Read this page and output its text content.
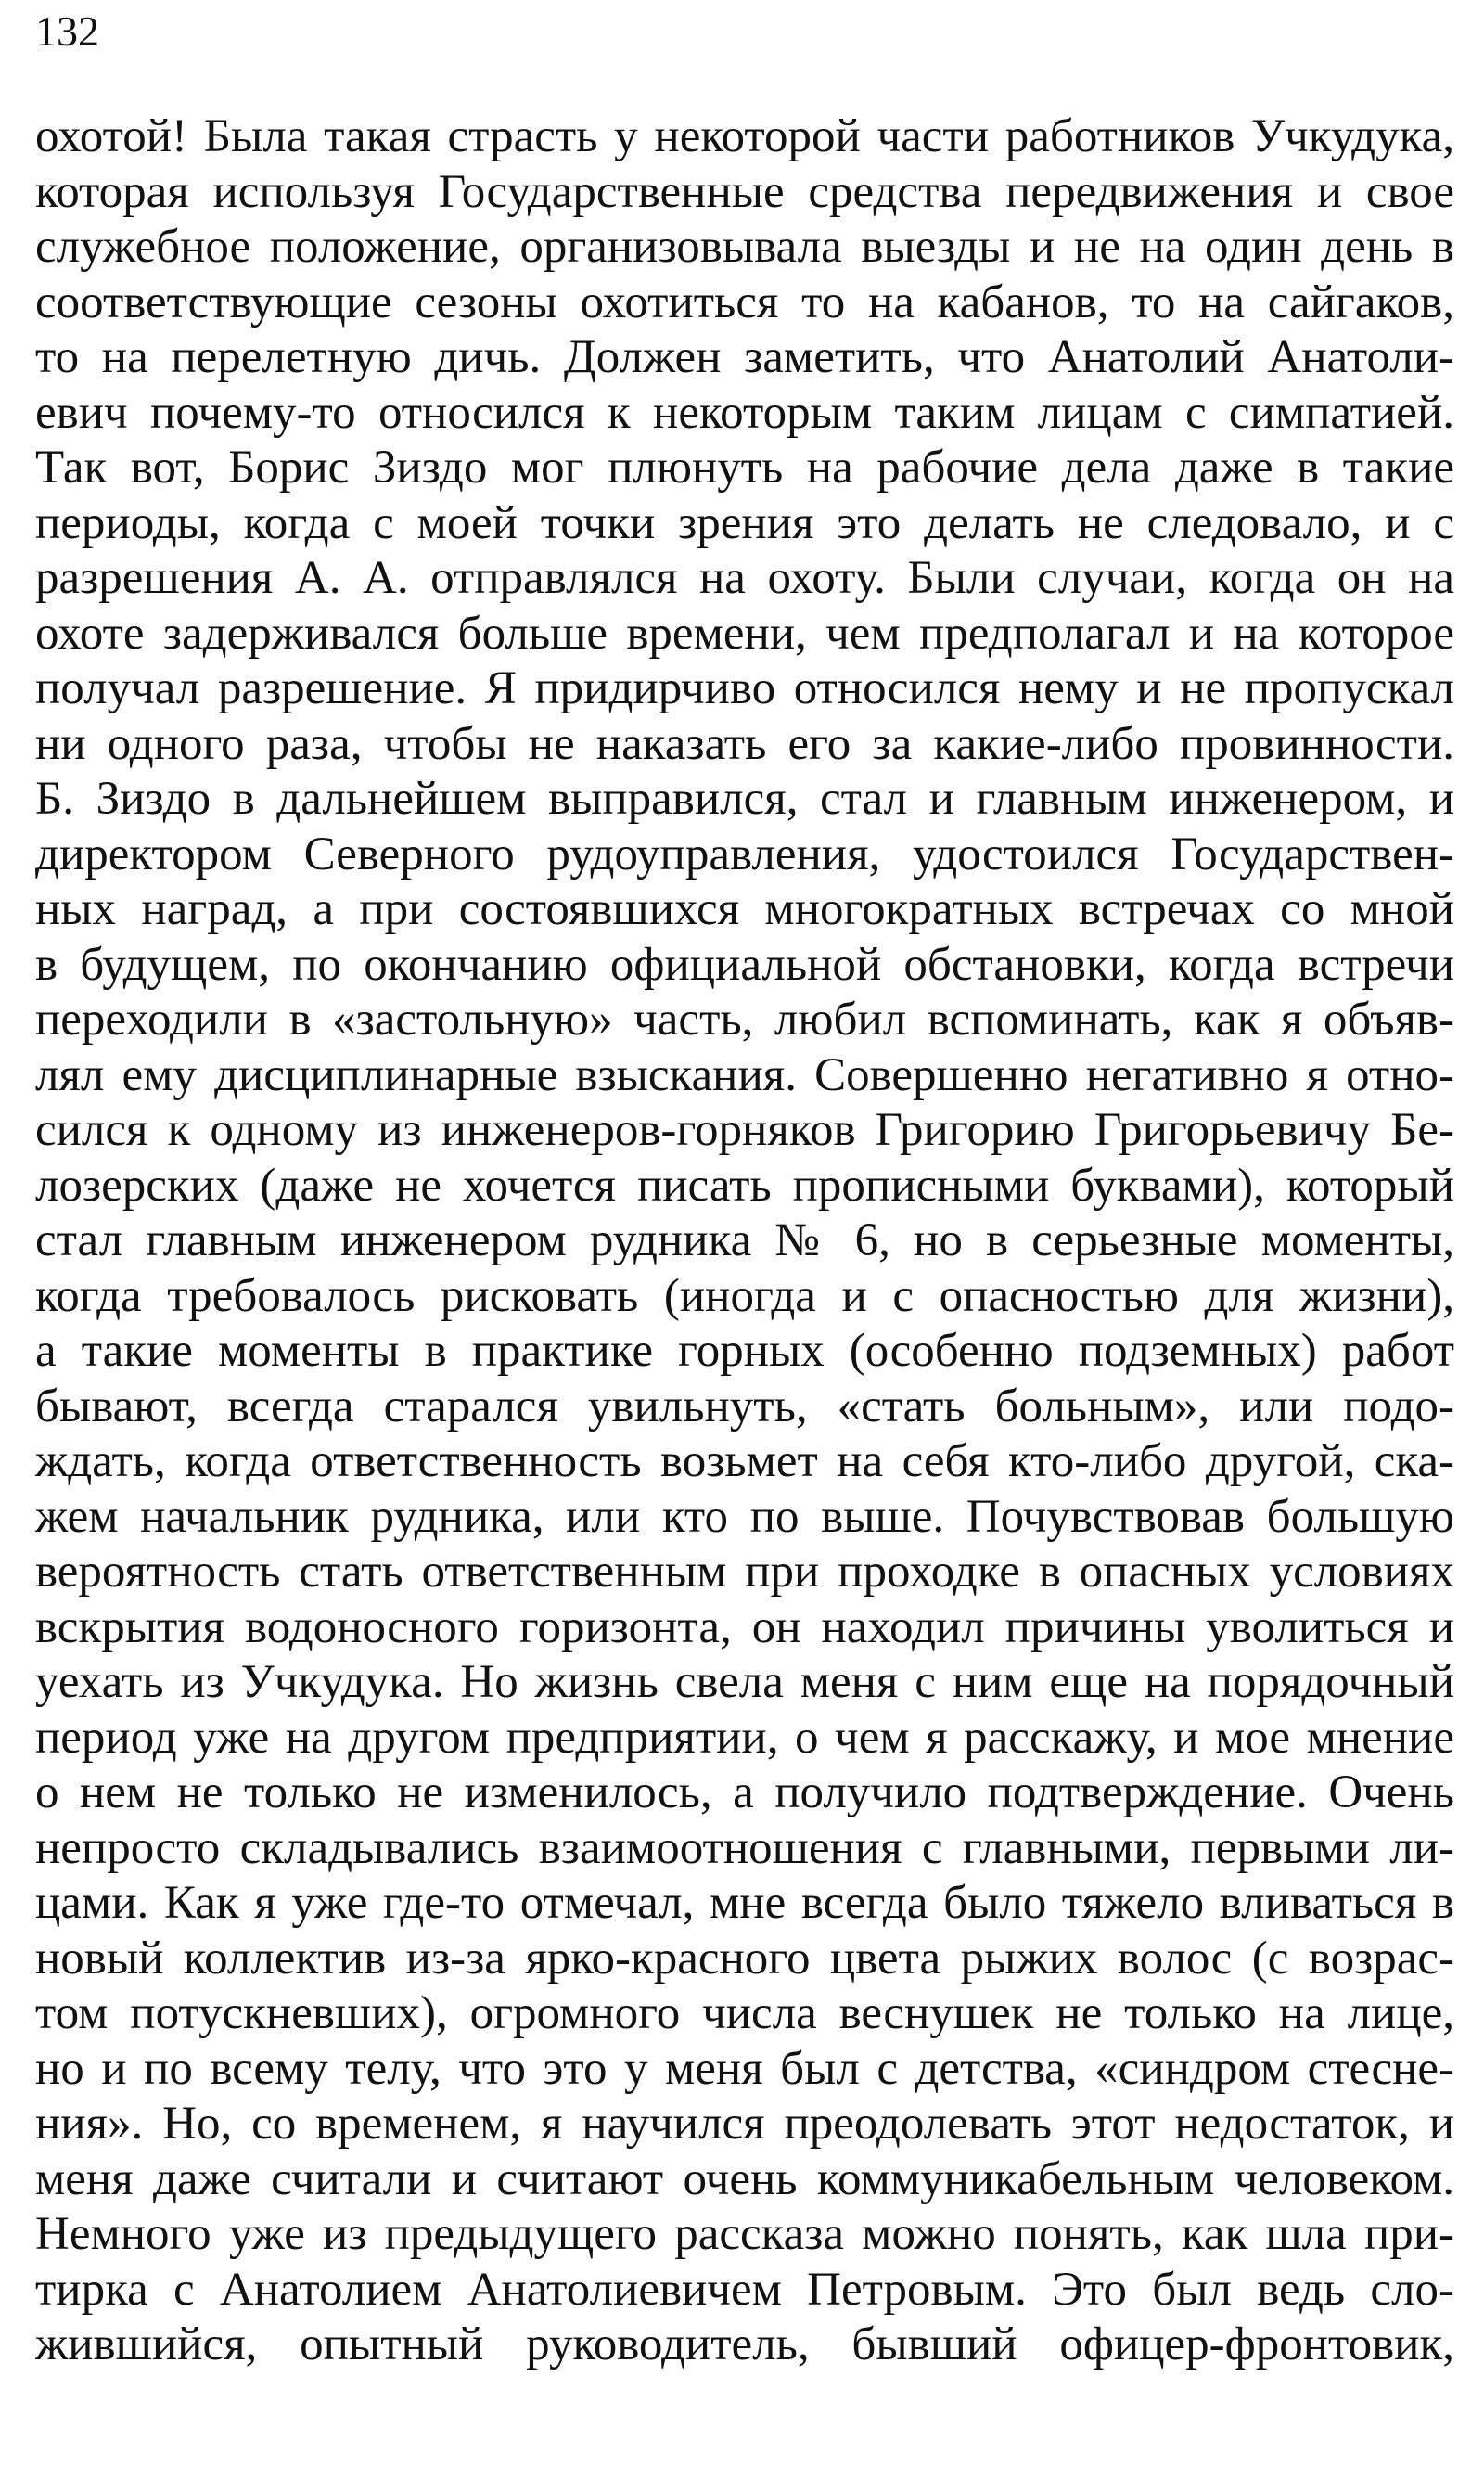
132
охотой! Была такая страсть у некоторой части работников Учкудука,
которая используя Государственные средства передвижения и свое
служебное положение, организовывала выезды и не на один день в
соответствующие сезоны охотиться то на кабанов, то на сайгаков,
то на перелетную дичь. Должен заметить, что Анатолий Анатоли-
евич почему-то относился к некоторым таким лицам с симпатией.
Так вот, Борис Зиздо мог плюнуть на рабочие дела даже в такие
периоды, когда с моей точки зрения это делать не следовало, и с
разрешения А. А. отправлялся на охоту. Были случаи, когда он на
охоте задерживался больше времени, чем предполагал и на которое
получал разрешение. Я придирчиво относился нему и не пропускал
ни одного раза, чтобы не наказать его за какие-либо провинности.
Б. Зиздо в дальнейшем выправился, стал и главным инженером, и
директором Северного рудоуправления, удостоился Государствен-
ных наград, а при состоявшихся многократных встречах со мной
в будущем, по окончанию официальной обстановки, когда встречи
переходили в «застольную» часть, любил вспоминать, как я объяв-
лял ему дисциплинарные взыскания. Совершенно негативно я отно-
сился к одному из инженеров-горняков Григорию Григорьевичу Бе-
лозерских (даже не хочется писать прописными буквами), который
стал главным инженером рудника № 6, но в серьезные моменты,
когда требовалось рисковать (иногда и с опасностью для жизни),
а такие моменты в практике горных (особенно подземных) работ
бывают, всегда старался увильнуть, «стать больным», или подо-
ждать, когда ответственность возьмет на себя кто-либо другой, ска-
жем начальник рудника, или кто по выше. Почувствовав большую
вероятность стать ответственным при проходке в опасных условиях
вскрытия водоносного горизонта, он находил причины уволиться и
уехать из Учкудука. Но жизнь свела меня с ним еще на порядочный
период уже на другом предприятии, о чем я расскажу, и мое мнение
о нем не только не изменилось, а получило подтверждение. Очень
непросто складывались взаимоотношения с главными, первыми ли-
цами. Как я уже где-то отмечал, мне всегда было тяжело вливаться в
новый коллектив из-за ярко-красного цвета рыжих волос (с возрас-
том потускневших), огромного числа веснушек не только на лице,
но и по всему телу, что это у меня был с детства, «синдром стесне-
ния». Но, со временем, я научился преодолевать этот недостаток, и
меня даже считали и считают очень коммуникабельным человеком.
Немного уже из предыдущего рассказа можно понять, как шла при-
тирка с Анатолием Анатолиевичем Петровым. Это был ведь сло-
жившийся, опытный руководитель, бывший офицер-фронтовик,
